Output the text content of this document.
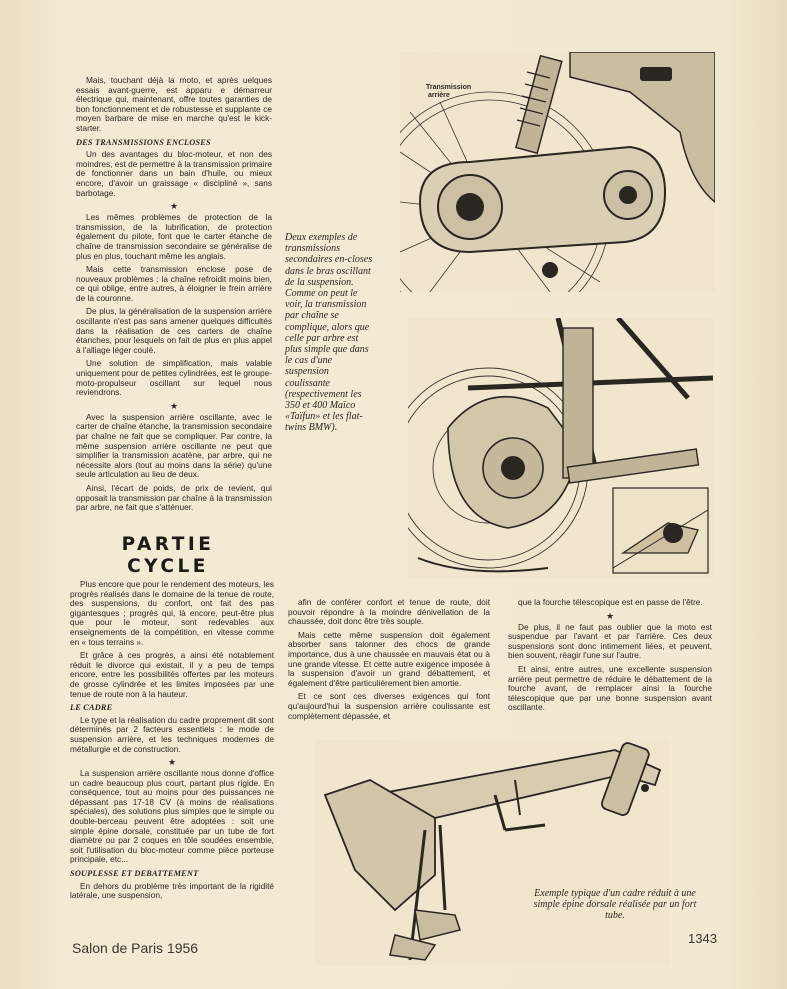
Mais, touchant déjà la moto, et après uelques essais avant-guerre, est apparu e démarreur électrique qui, maintenant, offre toutes garanties de bon fonctionnement et de robustesse et supplante ce moyen barbare de mise en marche qu'est le kick-starter.

DES TRANSMISSIONS ENCLOSES

Un des avantages du bloc-moteur, et non des moindres, est de permettre à la transmission primaire de fonctionner dans un bain d'huile, ou mieux encore, d'avoir un graissage « discipliné », sans barbotage.

★

Les mêmes problèmes de protection de la transmission, de la lubrification, de protection également du pilote, font que le carter étanche de chaîne de transmission secondaire se généralise de plus en plus, touchant même les anglais.

Mais cette transmission enclose pose de nouveaux problèmes : la chaîne refroidit moins bien, ce qui oblige, entre autres, à éloigner le frein arrière de la couronne.

De plus, la généralisation de la suspension arrière oscillante n'est pas sans amener quelques difficultés dans la réalisation de ces carters de chaîne étanches, pour lesquels on fait de plus en plus appel à l'alliage léger coulé.

Une solution de simplification, mais valable uniquement pour de petites cylindrées, est le groupe-moto-propulseur oscillant sur lequel nous reviendrons.

★

Avec la suspension arrière oscillante, avec le carter de chaîne étanche, la transmission secondaire par chaîne ne fait que se compliquer. Par contre, la même suspension arrière oscillante ne peut que simplifier la transmission acatène, par arbre, qui ne nécessite alors (tout au moins dans la série) qu'une seule articulation au lieu de deux.

Ainsi, l'écart de poids, de prix de revient, qui opposait la transmission par chaîne à la transmission par arbre, ne fait que s'atténuer.

PARTIE
CYCLE

Plus encore que pour le rendement des moteurs, les progrès réalisés dans le domaine de la tenue de route, des suspensions, du confort, ont fait des pas gigantesques ; progrès qui, là encore, peut-être plus que pour le moteur, sont redevables aux enseignements de la compétition, en vitesse comme en « tous terrains ».

Et grâce à ces progrès, a ainsi été notablement réduit le divorce qui existait, il y a peu de temps encore, entre les possibilités offertes par les moteurs de grosse cylindrée et les limites imposées par une tenue de route non à la hauteur.

LE CADRE

Le type et la réalisation du cadre proprement dit sont déterminés par 2 facteurs essentiels : le mode de suspension arrière, et les techniques modernes de métallurgie et de construction.

★

La suspension arrière oscillante nous donne d'office un cadre beaucoup plus court, partant plus rigide. En conséquence, tout au moins pour des puissances ne dépassant pas 17-18 CV (à moins de réalisations spéciales), des solutions plus simples que le simple ou double-berceau peuvent être adoptées : soit une simple épine dorsale, constituée par un tube de fort diamètre ou par 2 coques en tôle soudées ensemble, soit l'utilisation du bloc-moteur comme pièce porteuse principale, etc...

SOUPLESSE ET DEBATTEMENT

En dehors du problème très important de la rigidité latérale, une suspension,

afin de conférer confort et tenue de route, doit pouvoir répondre à la moindre dénivellation de la chaussée, doit donc être très souple.

Mais cette même suspension doit également absorber sans talonner des chocs de grande importance, dus à une chaussée en mauvais état ou à une grande vitesse. Et cette autre exigence imposée à la suspension d'avoir un grand débattement, et également d'être particulièrement bien amortie.

Et ce sont ces diverses exigences qui font qu'aujourd'hui la suspension arrière coulissante est complètement dépassée, et

que la fourche télescopique est en passe de l'être.

★

De plus, il ne faut pas oublier que la moto est suspendue par l'avant et par l'arrière. Ces deux suspensions sont donc intimement liées, et peuvent, bien souvent, réagir l'une sur l'autre.

Et ainsi, entre autres, une excellente suspension arrière peut permettre de réduire le débattement de la fourche avant, de remplacer ainsi la fourche télescopique que par une bonne suspension avant oscillante.

Transmission
arrière
Deux exemples de transmissions secondaires en-closes dans le bras oscillant de la suspension. Comme on peut le voir, la transmission par chaîne se complique, alors que celle par arbre est plus simple que dans le cas d'une suspension coulissante (respectivement les 350 et 400 Maïco «Taïfun» et les flat-twins BMW).
Exemple typique d'un cadre réduit à une simple épine dorsale réalisée par un fort tube.
Salon de Paris 1956
1343
